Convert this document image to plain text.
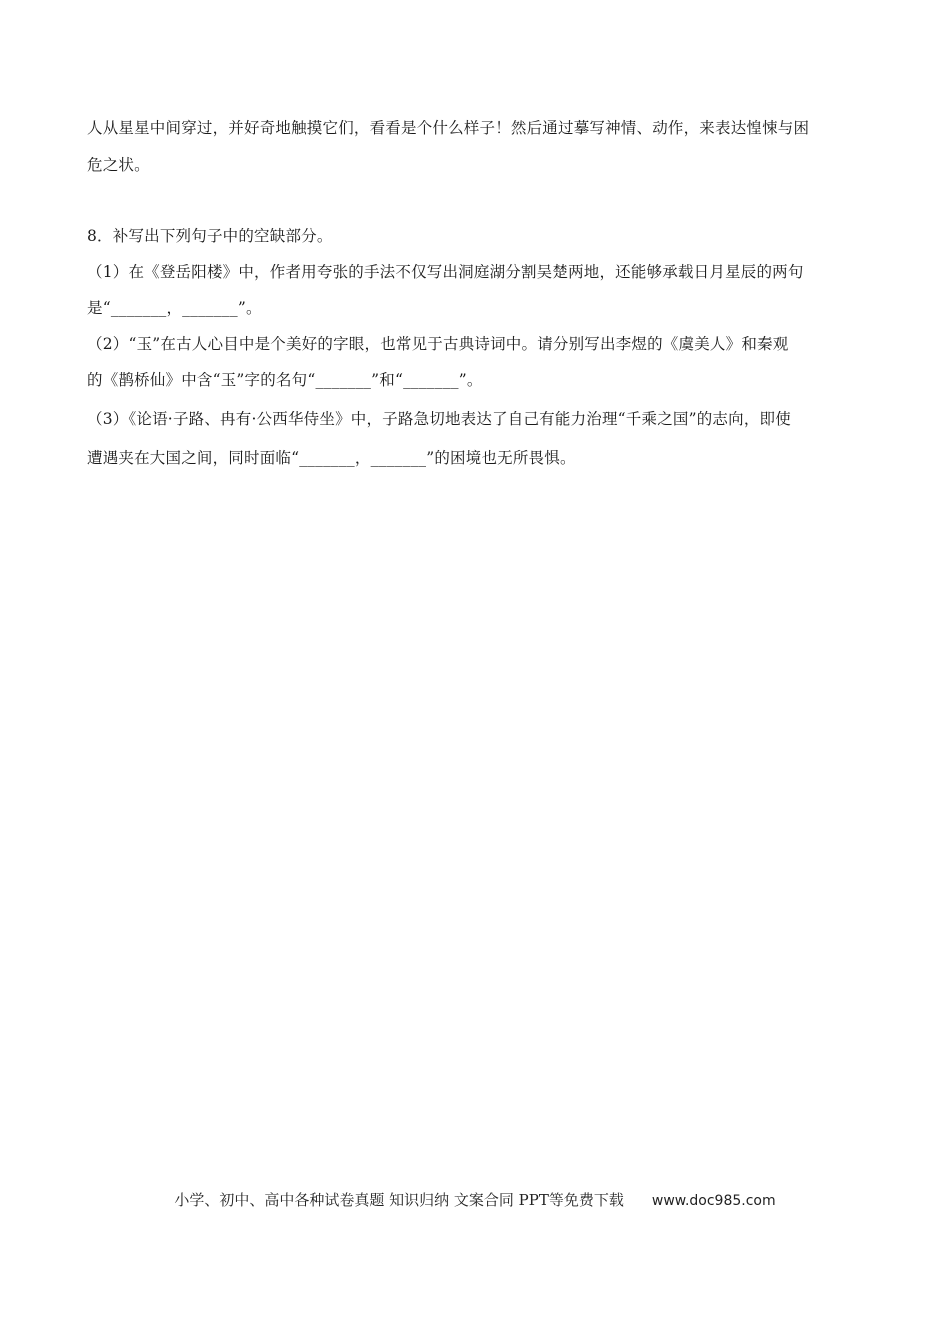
人从星星中间穿过，并好奇地触摸它们，看看是个什么样子！然后通过摹写神情、动作，来表达惶悚与困
危之状。
8．补写出下列句子中的空缺部分。
（1）在《登岳阳楼》中，作者用夸张的手法不仅写出洞庭湖分割吴楚两地，还能够承载日月星辰的两句
是“_______，_______”。
（2）“玉”在古人心目中是个美好的字眼，也常见于古典诗词中。请分别写出李煜的《虞美人》和秦观
的《鹊桥仙》中含“玉”字的名句“_______”和“_______”。
（3）《论语·子路、冉有·公西华侍坐》中，子路急切地表达了自己有能力治理“千乘之国”的志向，即使
遭遇夹在大国之间，同时面临“_______，_______”的困境也无所畏惧。
小学、初中、高中各种试卷真题 知识归纳 文案合同 PPT等免费下载 www.doc985.com
